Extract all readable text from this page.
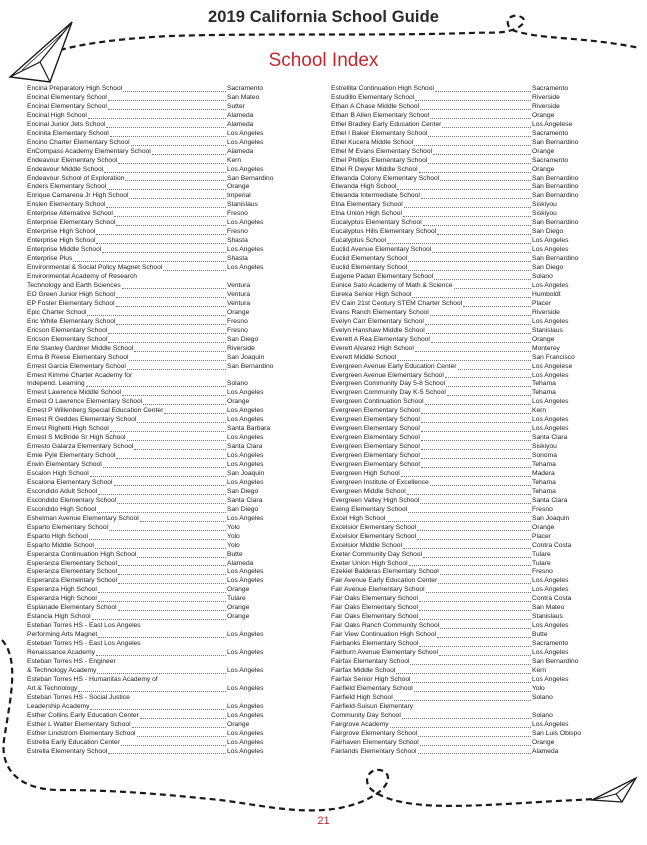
2019 California School Guide
School Index
Encina Preparatory High School	Sacramento
Encinal Elementary School	San Mateo
Encinal Elementary School	Sutter
Encinal High School	Alameda
Encinal Junior Jets School	Alameda
Encinita Elementary School	Los Angeles
Encino Charter Elementary School	Los Angeles
EnCompass Academy Elementary School	Alameda
Endeavour Elementary School	Kern
Endeavour Middle School	Los Angeles
Endeavour School of Exploration	San Bernardino
Enders Elementary School	Orange
Enrique Camarena Jr High School	Imperial
Enslen Elementary School	Stanislaus
Enterprise Alternative School	Fresno
Enterprise Elementary School	Los Angeles
Enterprise High School	Fresno
Enterprise High School	Shasta
Enterprise Middle School	Los Angeles
Enterprise Plus	Shasta
Environmental & Social Policy Magnet School	Los Angeles
Environmental Academy of Research
Technology and Earth Sciences	Ventura
EO Green Junior High School	Ventura
EP Foster Elementary School	Ventura
Epic Charter School	Orange
Eric White Elementary School	Fresno
Ericson Elementary School	Fresno
Ericson Elementary School	San Diego
Erle Stanley Gardner Middle School	Riverside
Erma B Reese Elementary School	San Joaquin
Ernest Garcia Elementary School	San Bernardino
Ernest Kimme Charter Academy for
Independ. Learning	Solano
Ernest Lawrence Middle School	Los Angeles
Ernest O Lawrence Elementary School	Orange
Ernest P Willenberg Special Education Center	Los Angeles
Ernest R Geddes Elementary School	Los Angeles
Ernest Righetti High School	Santa Barbara
Ernest S McBride Sr High School	Los Angeles
Ernesto Galarza Elementary School	Santa Clara
Ernie Pyle Elementary School	Los Angeles
Erwin Elementary School	Los Angeles
Escalon High School	San Joaquin
Escalona Elementary School	Los Angeles
Escondido Adult School	San Diego
Escondido Elementary School	Santa Clara
Escondido High School	San Diego
Eshelman Avenue Elementary School	Los Angeles
Esparto Elementary School	Yolo
Esparto High School	Yolo
Esparto Middle School	Yolo
Esperanza Continuation High School	Butte
Esperanza Elementary School	Alameda
Esperanza Elementary School	Los Angeles
Esperanza Elementary School	Los Angeles
Esperanza High School	Orange
Esperanza High School	Tulare
Esplanade Elementary School	Orange
Estancia High School	Orange
Esteban Torres HS - East Los Angeles
Performing Arts Magnet	Los Angeles
Esteban Torres HS - East Los Angeles
Renaissance Academy	Los Angeles
Esteban Torres HS - Engineer
& Technology Academy	Los Angeles
Esteban Torres HS - Humanitas Academy of
Art & Technology	Los Angeles
Esteban Torres HS - Social Justice
Leadership Academy	Los Angeles
Esther Collins Early Education Center	Los Angeles
Esther L Walter Elementary School	Orange
Esther Lindstrom Elementary School	Los Angeles
Estrella Early Education Center	Los Angeles
Estrella Elementary School	Los Angeles
Estrellita Continuation High School	Sacramento
Estudillo Elementary School	Riverside
Ethan A Chase Middle School	Riverside
Ethan B Allen Elementary School	Orange
Ethel Bradley Early Education Center	Los Angelese
Ethel I Baker Elementary School	Sacramento
Ethel Kucera Middle School	San Bernardino
Ethel M Evans Elementary School	Orange
Ethel Phillips Elementary School	Sacramento
Ethel R Dwyer Middle School	Orange
Etiwanda Colony Elementary School	San Bernardino
Etiwanda High School	San Bernardino
Etiwanda Intermediate School	San Bernardino
Etna Elementary School	Siskiyou
Etna Union High School	Siskiyou
Eucalyptus Elementary School	San Bernardino
Eucalyptus Hills Elementary School	San Diego
Eucalyptus School	Los Angeles
Euclid Avenue Elementary School	Los Angeles
Euclid Elementary School	San Bernardino
Euclid Elementary School	San Diego
Eugene Padan Elementary School	Solano
Eunice Sato Academy of Math & Science	Los Angeles
Eureka Senior High School	Humboldt
EV Cain 21st Century STEM Charter School	Placer
Evans Ranch Elementary School	Riverside
Evelyn Carr Elementary School	Los Angeles
Evelyn Hanshaw Middle School	Stanislaus
Everett A Rea Elementary School	Orange
Everett Alvarez High School	Monterey
Everett Middle School	San Francisco
Evergreen Avenue Early Education Center	Los Angelese
Evergreen Avenue Elementary School	Los Angeles
Evergreen Community Day 5-8 School	Tehama
Evergreen Community Day K-5 School	Tehama
Evergreen Continuation School	Los Angeles
Evergreen Elementary School	Kern
Evergreen Elementary School	Los Angeles
Evergreen Elementary School	Los Angeles
Evergreen Elementary School	Santa Clara
Evergreen Elementary School	Siskiyou
Evergreen Elementary School	Sonoma
Evergreen Elementary School	Tehama
Evergreen High School	Madera
Evergreen Institute of Excellence	Tehama
Evergreen Middle School	Tehama
Evergreen Valley High School	Santa Clara
Ewing Elementary School	Fresno
Excel High School	San Joaquin
Excelsior Elementary School	Orange
Excelsior Elementary School	Placer
Excelsior Middle School	Contra Costa
Exeter Community Day School	Tulare
Exeter Union High School	Tulare
Ezekiel Balderas Elementary School	Fresno
Fair Avenue Early Education Center	Los Angeles
Fair Avenue Elementary School	Los Angeles
Fair Oaks Elementary School	Contra Costa
Fair Oaks Elementary School	San Mateo
Fair Oaks Elementary School	Stanislaus
Fair Oaks Ranch Community School	Los Angeles
Fair View Continuation High School	Butte
Fairbanks Elementary School	Sacramento
Fairburn Avenue Elementary School	Los Angeles
Fairfax Elementary School	San Bernardino
Fairfax Middle School	Kern
Fairfax Senior High School	Los Angeles
Fairfield Elementary School	Yolo
Fairfield High School	Solano
Fairfield-Suisun Elementary
Community Day School	Solano
Fairgrove Academy	Los Angeles
Fairgrove Elementary School	San Luis Obispo
Fairhaven Elementary School	Orange
Fairlands Elementary School	Alameda
21
